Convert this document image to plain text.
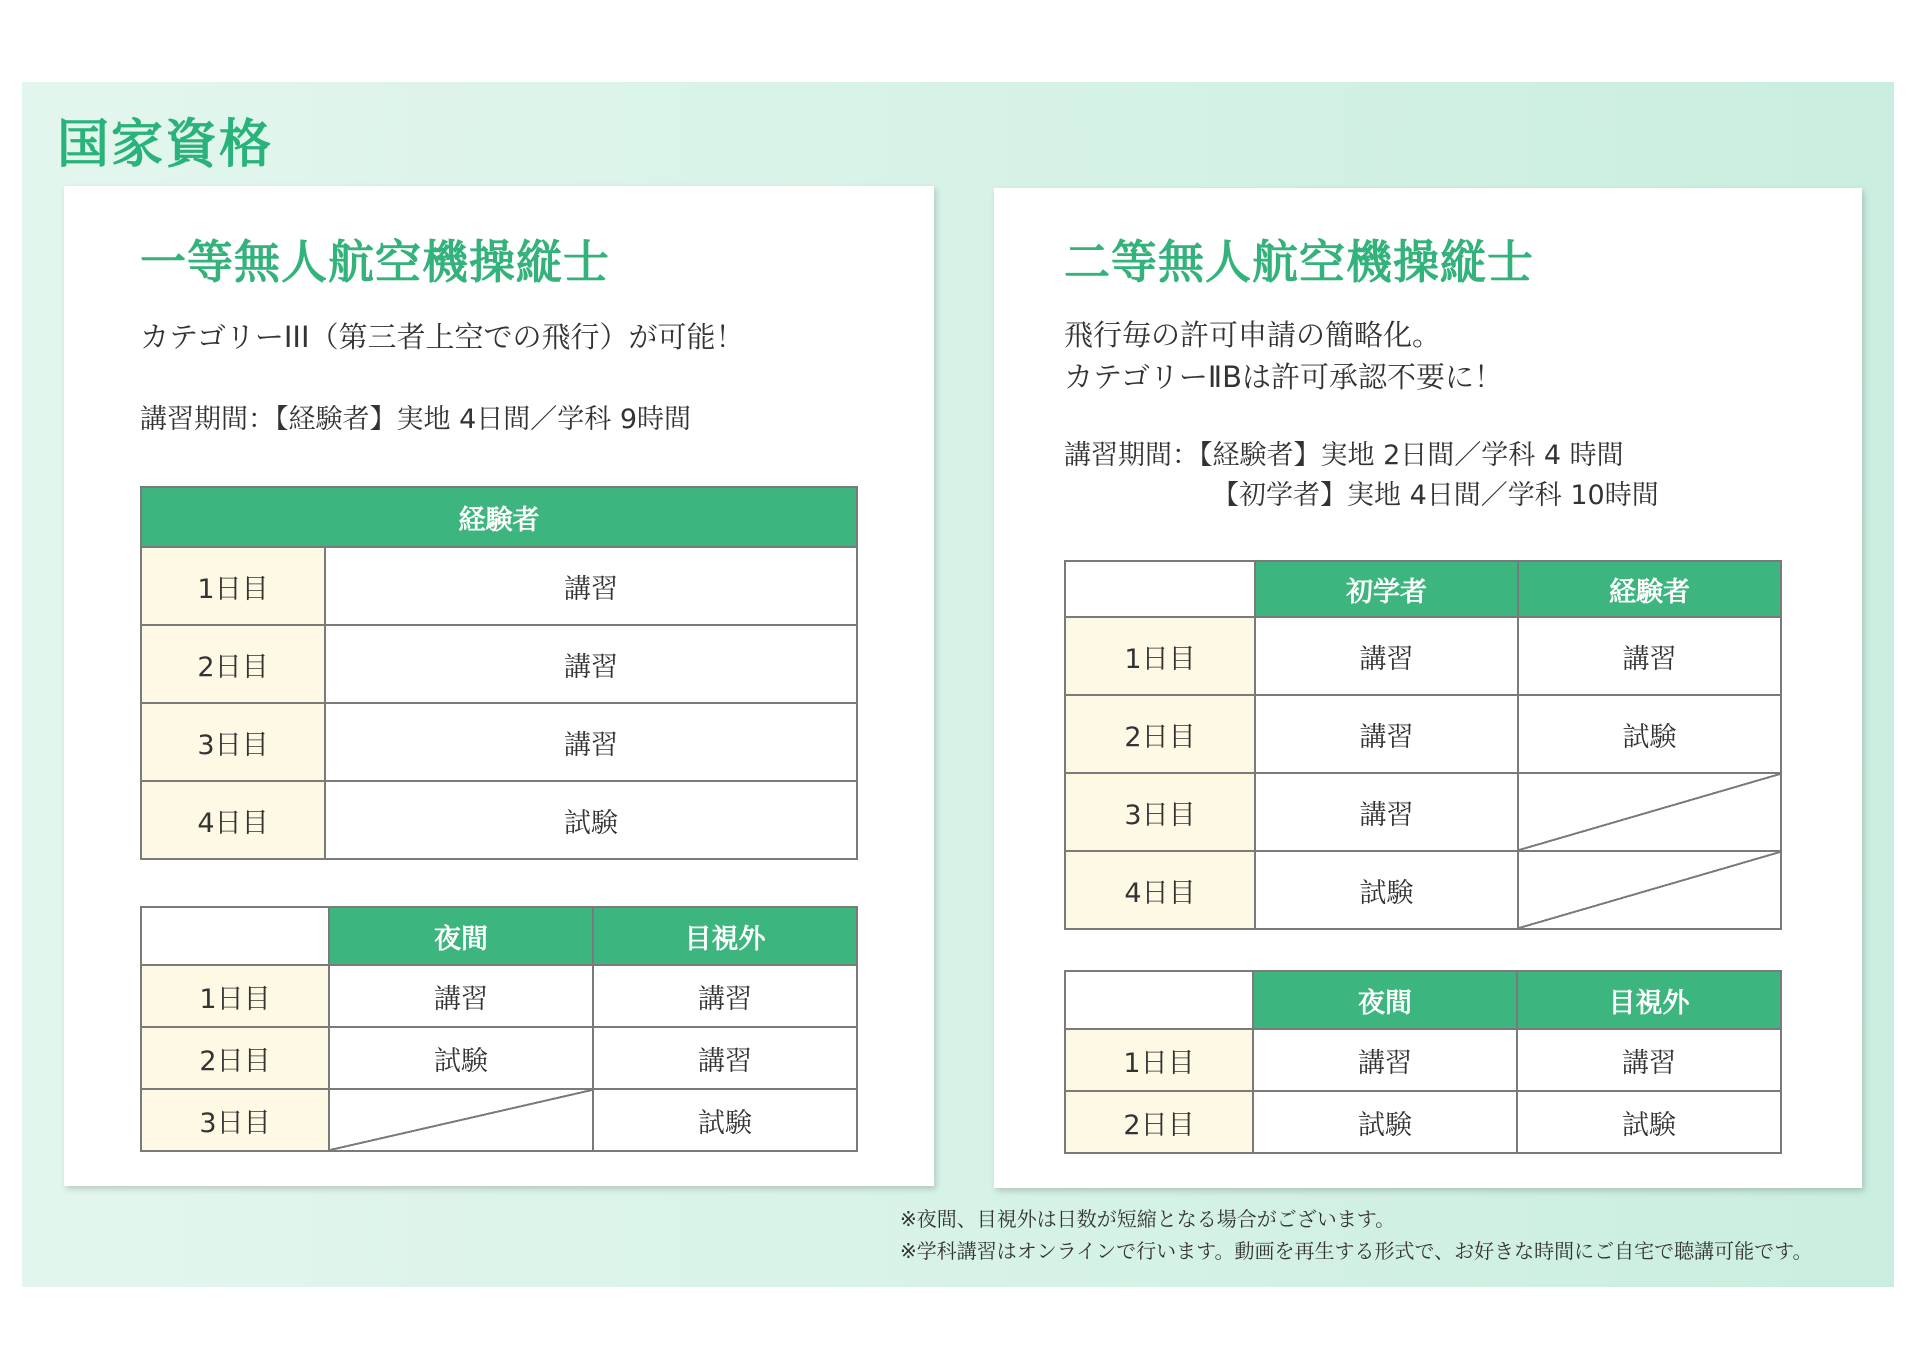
国家資格
一等無人航空機操縦士

カテゴリーIII（第三者上空での飛行）が可能！

講習期間：【経験者】実地 4日間／学科 9時間

経験者	
1日目	講習
2日目	講習
3日目	講習
4日目	試験
	夜間	目視外
1日目	講習	講習
2日目	試験	講習
3日目		試験
二等無人航空機操縦士

飛行毎の許可申請の簡略化。

カテゴリーⅡBは許可承認不要に！

講習期間：【経験者】実地 2日間／学科 4 時間

【初学者】実地 4日間／学科 10時間

	初学者	経験者
1日目	講習	講習
2日目	講習	試験
3日目	講習	
4日目	試験	
	夜間	目視外
1日目	講習	講習
2日目	試験	試験
※夜間、目視外は日数が短縮となる場合がございます。
※学科講習はオンラインで行います。動画を再生する形式で、お好きな時間にご自宅で聴講可能です。
